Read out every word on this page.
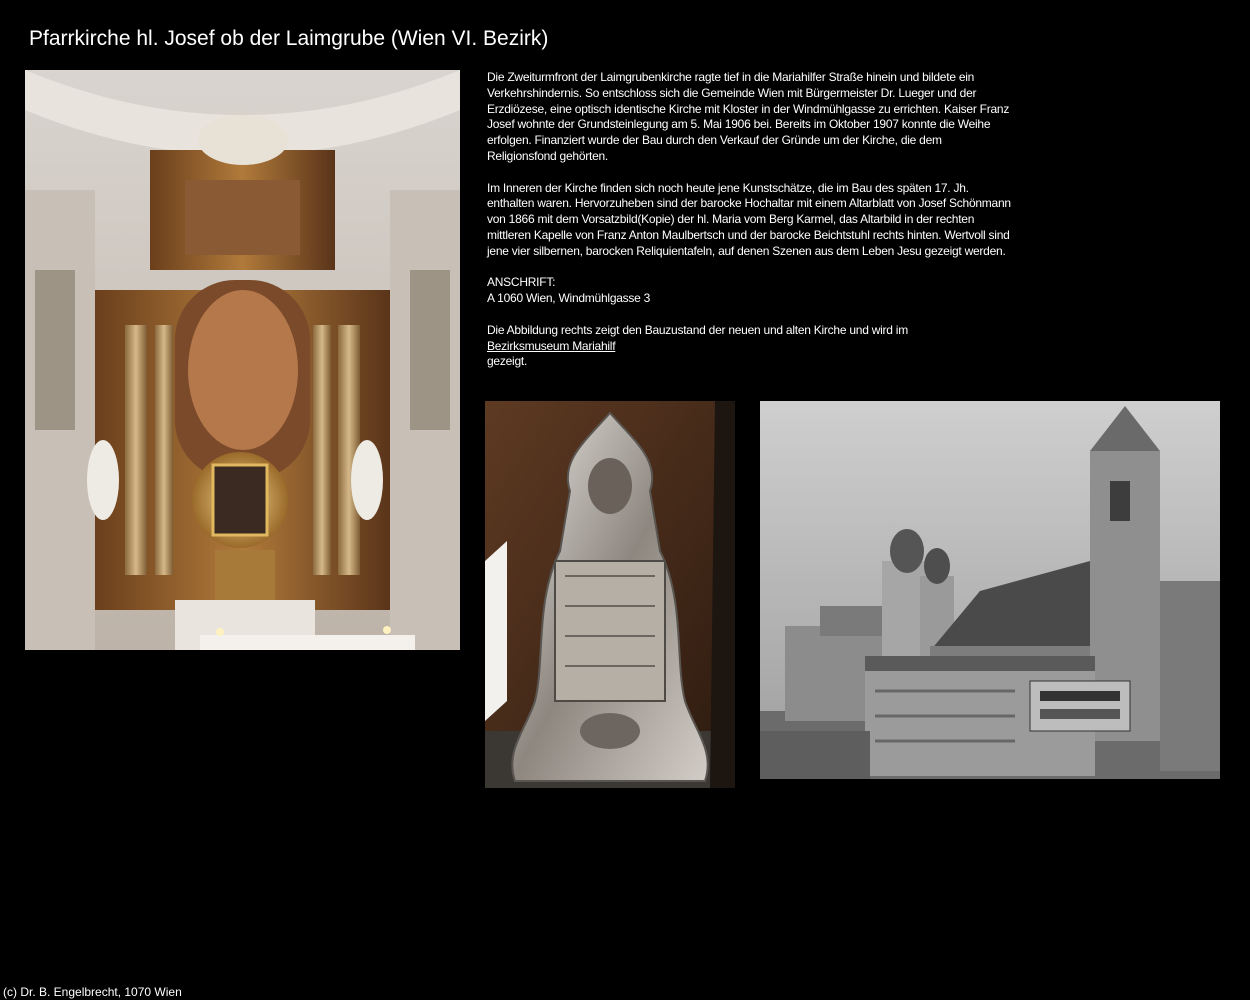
Pfarrkirche hl. Josef ob der Laimgrube (Wien VI. Bezirk)

Die Zweiturmfront der Laimgrubenkirche ragte tief in die Mariahilfer Straße hinein und bildete ein Verkehrshindernis. So entschloss sich die Gemeinde Wien mit Bürgermeister Dr. Lueger und der Erzdiözese, eine optisch identische Kirche mit Kloster in der Windmühlgasse zu errichten. Kaiser Franz Josef wohnte der Grundsteinlegung am 5. Mai 1906 bei. Bereits im Oktober 1907 konnte die Weihe erfolgen. Finanziert wurde der Bau durch den Verkauf der Gründe um der Kirche, die dem Religionsfond gehörten.

Im Inneren der Kirche finden sich noch heute jene Kunstschätze, die im Bau des späten 17. Jh. enthalten waren. Hervorzuheben sind der barocke Hochaltar mit einem Altarblatt von Josef Schönmann von 1866 mit dem Vorsatzbild(Kopie) der hl. Maria vom Berg Karmel, das Altarbild in der rechten mittleren Kapelle von Franz Anton Maulbertsch und der barocke Beichtstuhl rechts hinten. Wertvoll sind jene vier silbernen, barocken Reliquientafeln, auf denen Szenen aus dem Leben Jesu gezeigt werden.

ANSCHRIFT:
A 1060 Wien, Windmühlgasse 3

Die Abbildung rechts zeigt den Bauzustand der neuen und alten Kirche und wird im
Bezirksmuseum Mariahilf
gezeigt.

(c) Dr. B. Engelbrecht, 1070 Wien
